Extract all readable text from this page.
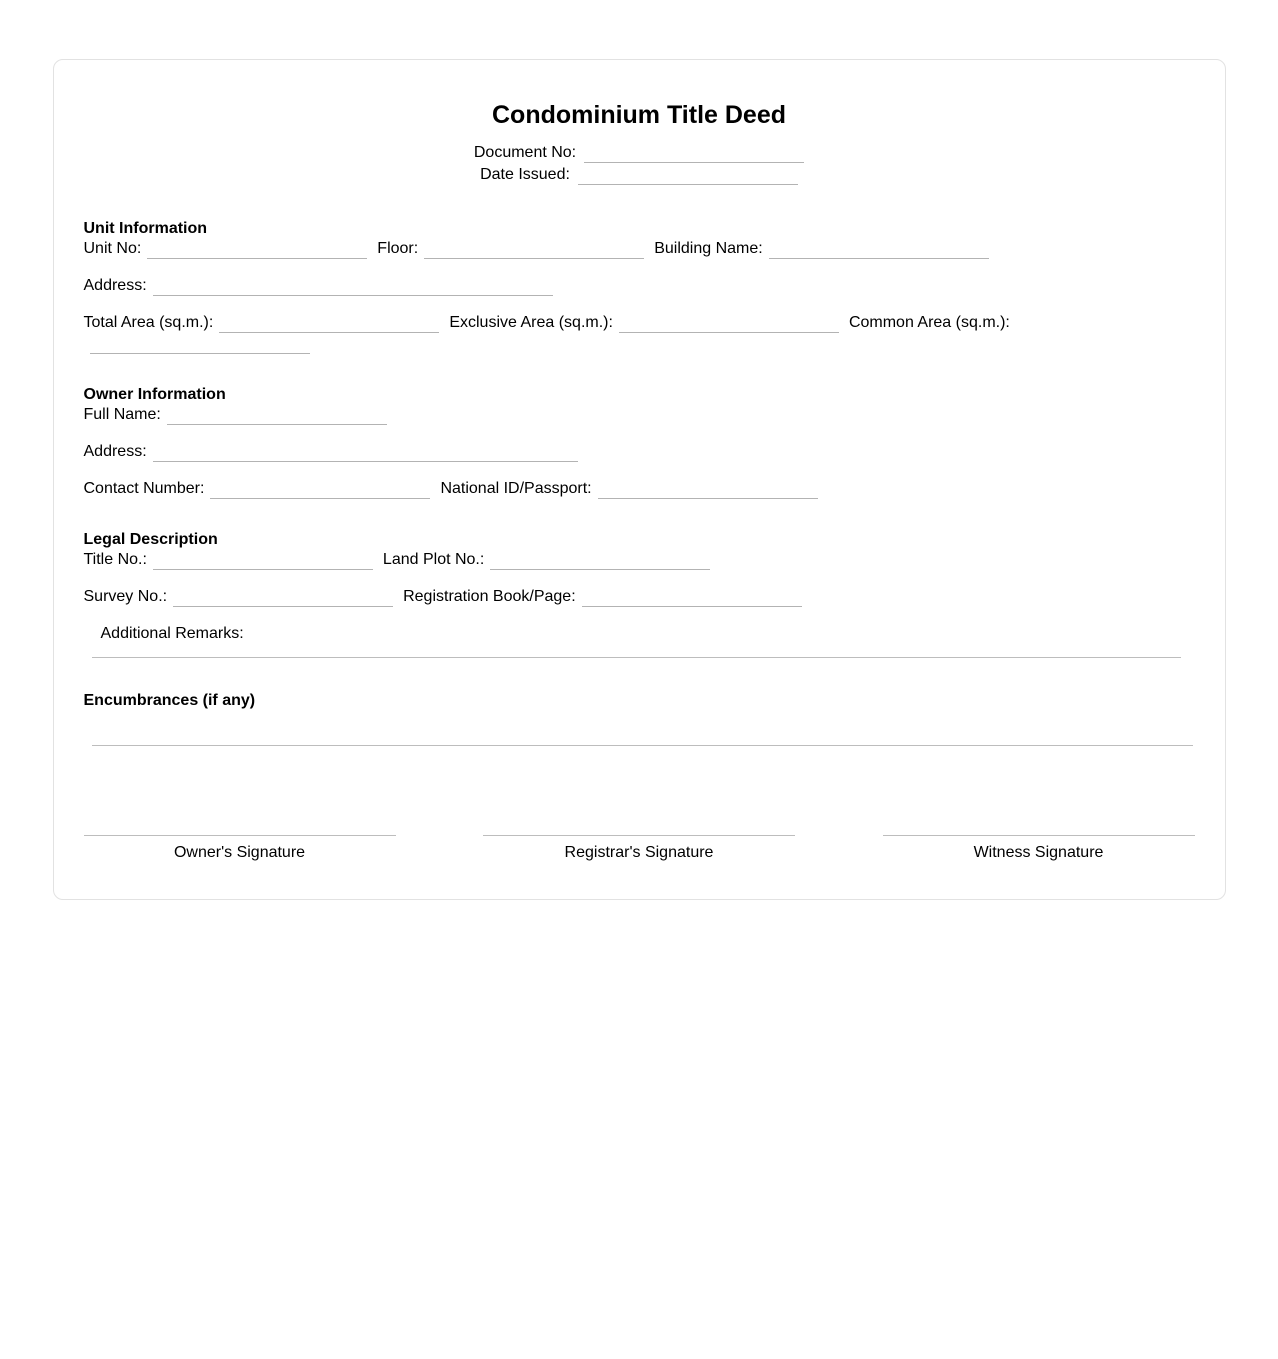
Condominium Title Deed
Document No:
Date Issued:
Unit Information
Unit No:	Floor:	Building Name:
Address:
Total Area (sq.m.):	Exclusive Area (sq.m.):	Common Area (sq.m.):
Owner Information
Full Name:
Address:
Contact Number:	National ID/Passport:
Legal Description
Title No.:	Land Plot No.:
Survey No.:	Registration Book/Page:
Additional Remarks:
Encumbrances (if any)
Owner's Signature	Registrar's Signature	Witness Signature
